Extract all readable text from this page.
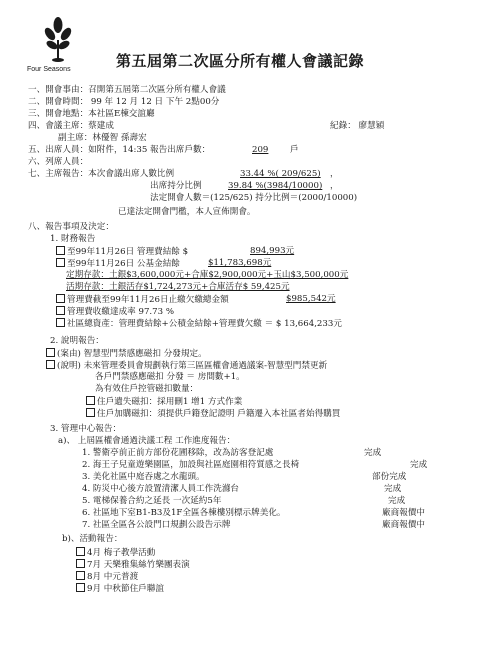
Four Seasons	第五屆第二次區分所有權人會議記錄
一、開會事由：召開第五屆第二次區分所有權人會議
二、開會時間： 99 年 12 月 12 日 下午 2點00分
三、開會地點：本社區E棟交誼廳
四、會議主席：蔡建成	紀錄： 廖慧穎
副主席：林優智 孫壽宏
五、出席人員：如附件，14:35 報告出席戶數：	209	戶
六、列席人員：
七、主席報告：本次會議出席人數比例	33.44 %( 209/625) ，
出席持分比例	39.84 %(3984/10000) ，
法定開會人數＝(125/625) 持分比例＝(2000/10000)
已達法定開會門檻，本人宣佈開會。
八、報告事項及決定：
1. 財務報告
至99年11月26日 管理費結餘 $	894,993元
至99年11月26日 公基金結餘	$11,783,698元
定期存款：土銀$3,600,000元+合庫$2,900,000元+玉山$3,500,000元
活期存款：土銀活存$1,724,273元+合庫活存$ 59,425元
管理費截至99年11月26日止繳欠繳總金額	$985,542元
管理費收繳達成率 97.73 %
社區總資產：管理費結餘+公積金結餘+管理費欠繳 ＝ $ 13,664,233元
2. 說明報告：
(案由) 智慧型門禁感應磁扣 分發規定。
(說明) 未來管理委員會規劃執行第三區區權會通過議案-智慧型門禁更新
各戶門禁感應磁扣 分發 ＝ 房間數+1。
為有效住戶控管磁扣數量：
住戶遺失磁扣：採用刪1 增1 方式作業
住戶加購磁扣：須提供戶籍登記證明 戶籍遷入本社區者始得購買
3. 管理中心報告：
a)、 上屆區權會通過決議工程 工作進度報告：
1. 警衛亭前正前方部份花圃移除，改為訪客登記處	完成
2. 海王子兒童遊樂園區，加設與社區庭園相符質感之長椅	完成
3. 美化社區中庭吞處之水龍頭。	部份完成
4. 防災中心後方設置清潔人員工作洗滌台	完成
5. 電梯保養合約之延長 一次延約5年	完成
6. 社區地下室B1-B3及1F全區各棟樓別標示牌美化。	廠商報價中
7. 社區全區各公設門口規劃公設告示牌	廠商報價中
b)、活動報告：
4月 梅子教學活動
7月 天樂雅集絲竹樂團表演
8月 中元普渡
9月 中秋節住戶聯誼
